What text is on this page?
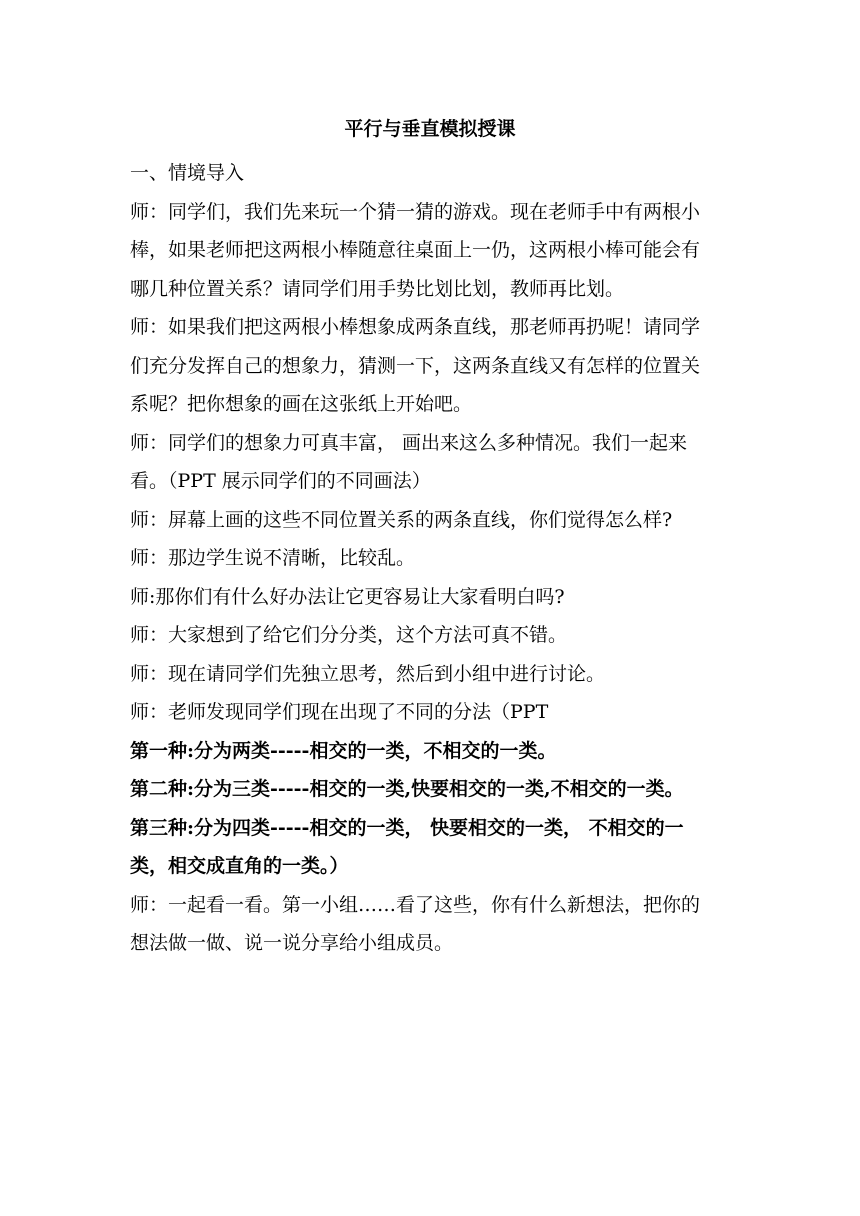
平行与垂直模拟授课

一、情境导入

师：同学们，我们先来玩一个猜一猜的游戏。现在老师手中有两根小
棒，如果老师把这两根小棒随意往桌面上一仍，这两根小棒可能会有
哪几种位置关系？请同学们用手势比划比划，教师再比划。
师：如果我们把这两根小棒想象成两条直线，那老师再扔呢！请同学
们充分发挥自己的想象力，猜测一下，这两条直线又有怎样的位置关
系呢？把你想象的画在这张纸上开始吧。
师：同学们的想象力可真丰富， 画出来这么多种情况。我们一起来
看。（PPT 展示同学们的不同画法）
师：屏幕上画的这些不同位置关系的两条直线，你们觉得怎么样?
师：那边学生说不清晰，比较乱。
师:那你们有什么好办法让它更容易让大家看明白吗?
师：大家想到了给它们分分类，这个方法可真不错。
师：现在请同学们先独立思考，然后到小组中进行讨论。
师：老师发现同学们现在出现了不同的分法（PPT
第一种:分为两类-----相交的一类，不相交的一类。
第二种:分为三类-----相交的一类,快要相交的一类,不相交的一类。
第三种:分为四类-----相交的一类， 快要相交的一类， 不相交的一
类，相交成直角的一类。）
师：一起看一看。第一小组……看了这些，你有什么新想法，把你的
想法做一做、说一说分享给小组成员。
